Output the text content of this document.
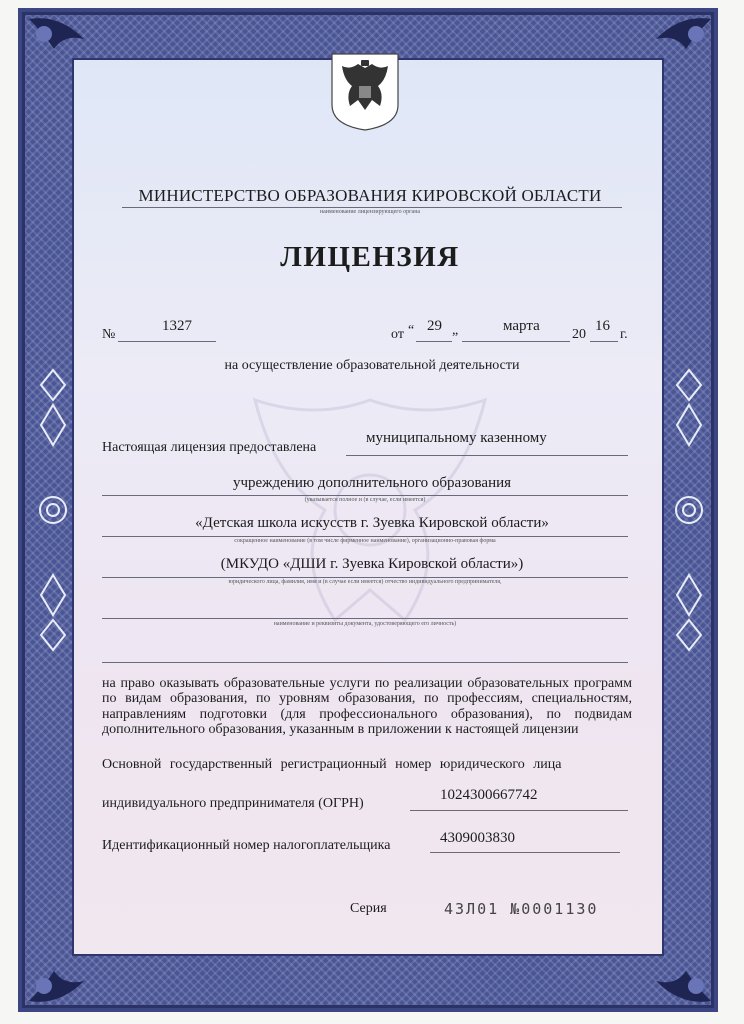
МИНИСТЕРСТВО ОБРАЗОВАНИЯ КИРОВСКОЙ ОБЛАСТИ
наименование лицензирующего органа
ЛИЦЕНЗИЯ
№
1327
от “ 29 „	марта
20
16
г.
на осуществление образовательной деятельности
Настоящая лицензия предоставлена
муниципальному казенному
учреждению дополнительного образования
(указывается полное и (в случае, если имеется)
«Детская школа искусств г. Зуевка Кировской области»
сокращенное наименование (в том числе фирменное наименование), организационно-правовая форма
(МКУДО «ДШИ г. Зуевка Кировской области»)
юридического лица, фамилия, имя и (в случае если имеется) отчество индивидуального предпринимателя,
наименование и реквизиты документа, удостоверяющего его личность)
на право оказывать образовательные услуги по реализации образовательных программ по видам образования, по уровням образования, по профессиям, специальностям, направлениям подготовки (для профессионального образования), по подвидам дополнительного образования, указанным в приложении к настоящей лицензии
Основной государственный регистрационный номер юридического лица
индивидуального предпринимателя (ОГРН)
1024300667742
Идентификационный номер налогоплательщика	4309003830
Серия	43Л01 №0001130
